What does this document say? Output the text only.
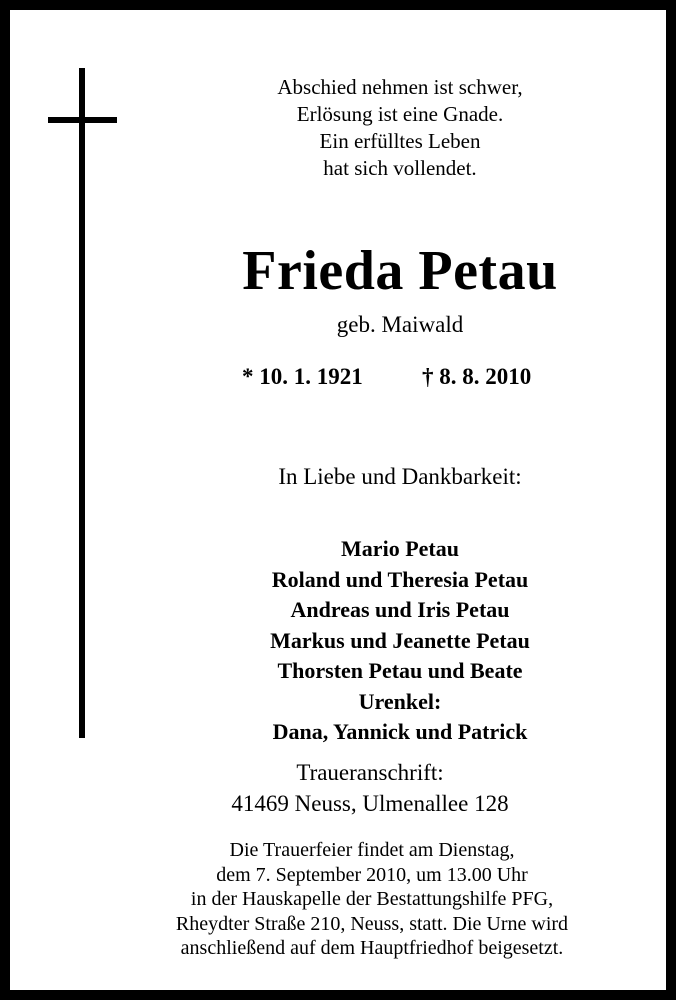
Abschied nehmen ist schwer,
Erlösung ist eine Gnade.
Ein erfülltes Leben
hat sich vollendet.
Frieda Petau
geb. Maiwald
* 10. 1. 1921	† 8. 8. 2010
In Liebe und Dankbarkeit:
Mario Petau
Roland und Theresia Petau
Andreas und Iris Petau
Markus und Jeanette Petau
Thorsten Petau und Beate
Urenkel:
Dana, Yannick und Patrick
Traueranschrift:
41469 Neuss, Ulmenallee 128
Die Trauerfeier findet am Dienstag,
dem 7. September 2010, um 13.00 Uhr
in der Hauskapelle der Bestattungshilfe PFG,
Rheydter Straße 210, Neuss, statt. Die Urne wird
anschließend auf dem Hauptfriedhof beigesetzt.
